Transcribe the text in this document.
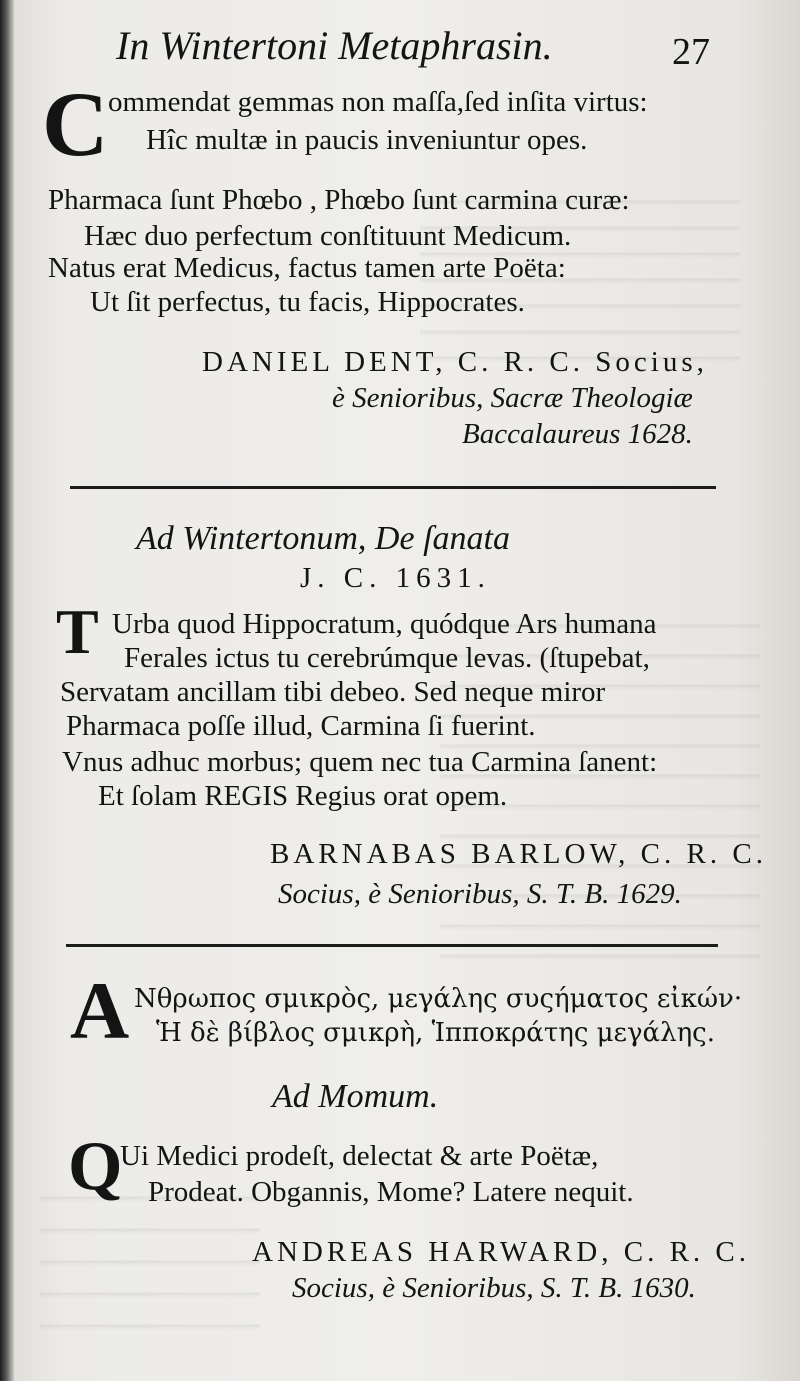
In Wintertoni Metaphrasin.	27
C ommendat gemmas non maſſa,ſed inſita virtus:
Hîc multæ in paucis inveniuntur opes.
Pharmaca ſunt Phœbo , Phœbo ſunt carmina curæ:
Hæc duo perfectum conſtituunt Medicum.
Natus erat Medicus, factus tamen arte Poëta:
Ut ſit perfectus, tu facis, Hippocrates.
DANIEL DENT, C. R. C. Socius,
è Senioribus, Sacræ Theologiæ
Baccalaureus 1628.
Ad Wintertonum, De ſanata
J. C. 1631.
T Urba quod Hippocratum, quódque Ars humana
Ferales ictus tu cerebrúmque levas. (ſtupebat,
Servatam ancillam tibi debeo. Sed neque miror
Pharmaca poſſe illud, Carmina ſi fuerint.
Vnus adhuc morbus; quem nec tua Carmina ſanent:
Et ſolam REGIS Regius orat opem.
BARNABAS BARLOW, C. R. C.
Socius, è Senioribus, S. T. B. 1629.
A Νθρωπος σμικρὸς, μεγάλης συςήματος εἰκών·
Ἡ δὲ βίβλος σμικρὴ, Ἱπποκράτης μεγάλης.
Ad Momum.
Q
Ui Medici prodeſt, delectat & arte Poëtæ,
Prodeat. Obgannis, Mome? Latere nequit.
ANDREAS HARWARD, C. R. C.
Socius, è Senioribus, S. T. B. 1630.
